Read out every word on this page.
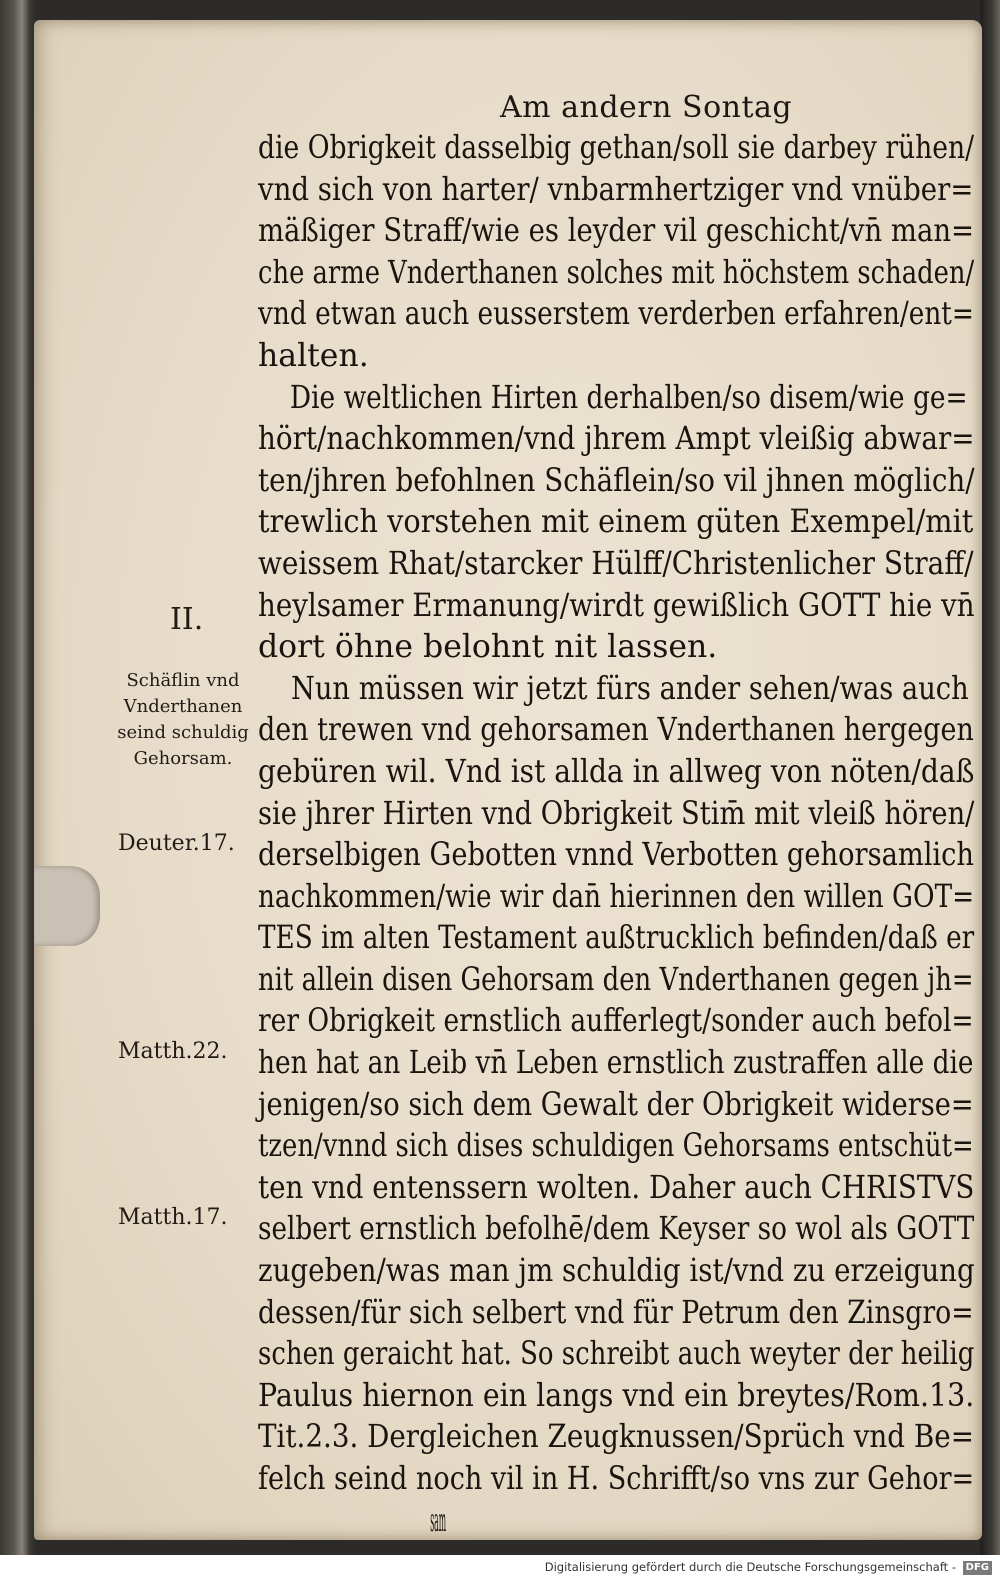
Am andern Sontag
II.
Schäflin vnd Vnderthanen seind schuldig Gehorsam.
Deuter.17.
Matth.22.
Matth.17.
die Obrigkeit dasselbig gethan/soll sie darbey rühen/
vnd sich von harter/ vnbarmhertziger vnd vnüber=
mäßiger Straff/wie es leyder vil geschicht/vn̄ man=
che arme Vnderthanen solches mit höchstem schaden/
vnd etwan auch eusserstem verderben erfahren/ent=
halten.
Die weltlichen Hirten derhalben/so disem/wie ge=
hört/nachkommen/vnd jhrem Ampt vleißig abwar=
ten/jhren befohlnen Schäflein/so vil jhnen möglich/
trewlich vorstehen mit einem güten Exempel/mit
weissem Rhat/starcker Hülff/Christenlicher Straff/
heylsamer Ermanung/wirdt gewißlich GOTT hie vn̄
dort öhne belohnt nit lassen.
Nun müssen wir jetzt fürs ander sehen/was auch
den trewen vnd gehorsamen Vnderthanen hergegen
gebüren wil. Vnd ist allda in allweg von nöten/daß
sie jhrer Hirten vnd Obrigkeit Stim̄ mit vleiß hören/
derselbigen Gebotten vnnd Verbotten gehorsamlich
nachkommen/wie wir dan̄ hierinnen den willen GOT=
TES im alten Testament außtrucklich befinden/daß er
nit allein disen Gehorsam den Vnderthanen gegen jh=
rer Obrigkeit ernstlich aufferlegt/sonder auch befol=
hen hat an Leib vn̄ Leben ernstlich zustraffen alle die
jenigen/so sich dem Gewalt der Obrigkeit widerse=
tzen/vnnd sich dises schuldigen Gehorsams entschüt=
ten vnd entenssern wolten. Daher auch CHRISTVS
selbert ernstlich befolhē/dem Keyser so wol als GOTT
zugeben/was man jm schuldig ist/vnd zu erzeigung
dessen/für sich selbert vnd für Petrum den Zinsgro=
schen geraicht hat. So schreibt auch weyter der heilig
Paulus hiernon ein langs vnd ein breytes/Rom.13.
Tit.2.3. Dergleichen Zeugknussen/Sprüch vnd Be=
felch seind noch vil in H. Schrifft/so vns zur Gehor=
sam
Digitalisierung gefördert durch die Deutsche Forschungsgemeinschaft - DFG
